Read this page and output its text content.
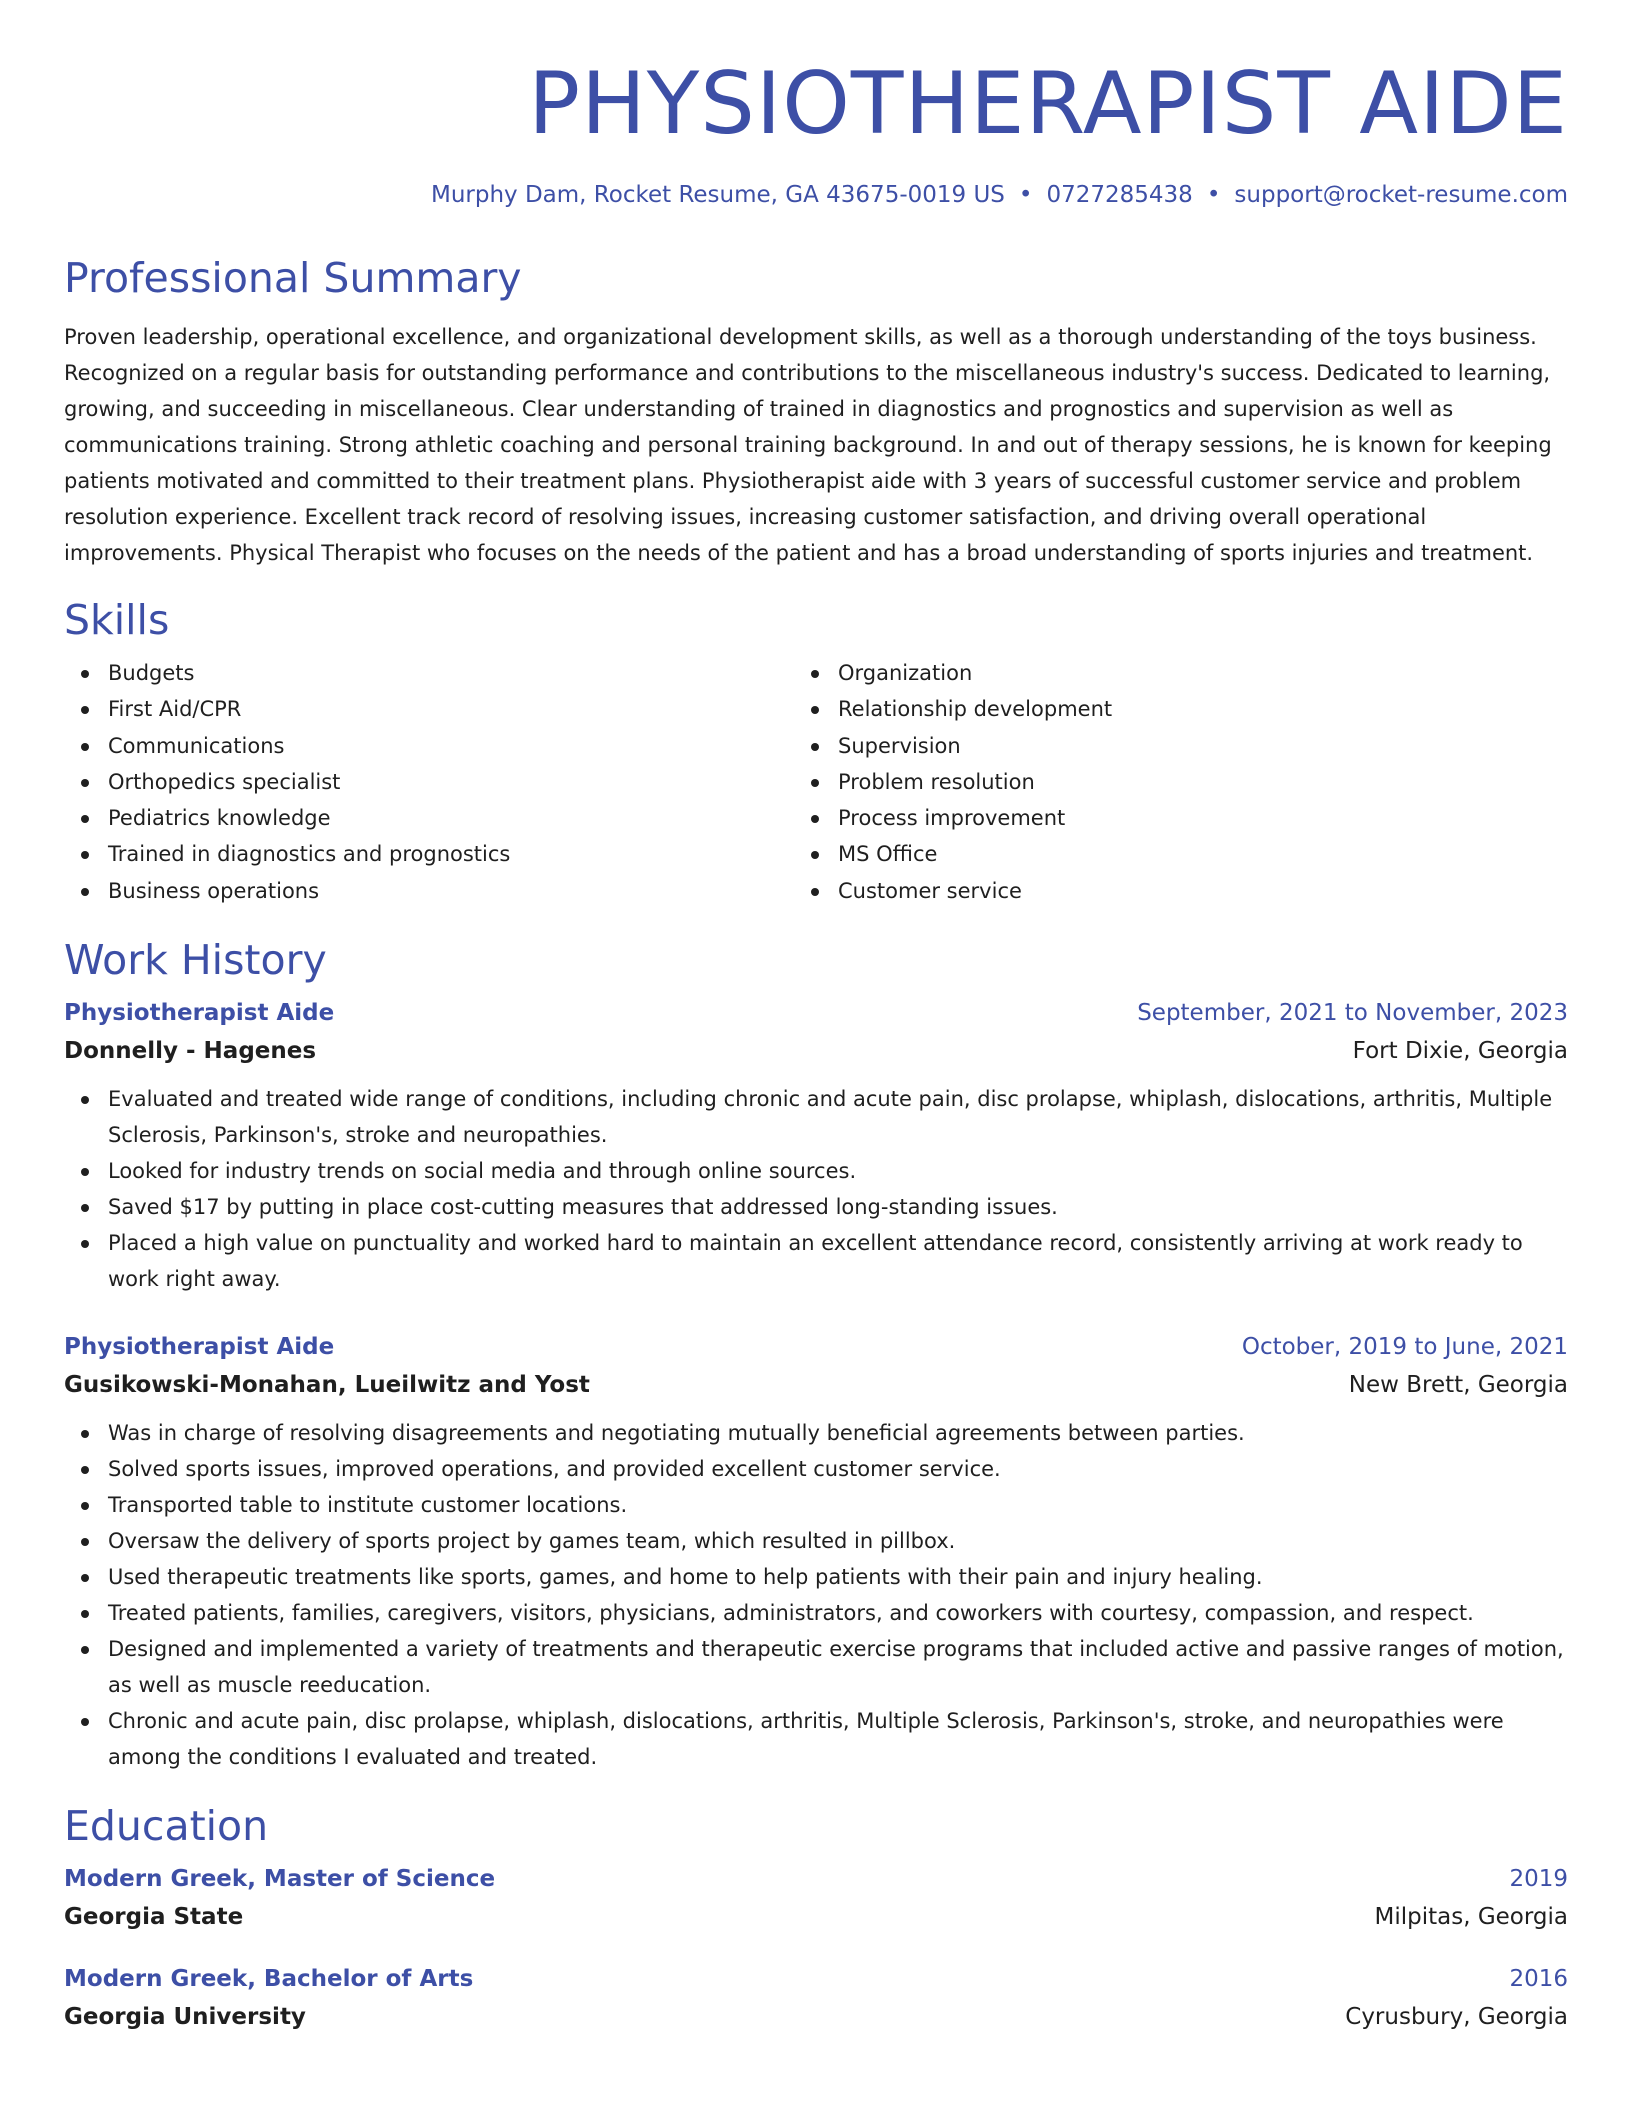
PHYSIOTHERAPIST AIDE
Murphy Dam, Rocket Resume, GA 43675-0019 US • 0727285438 • support@rocket-resume.com
Professional Summary

Proven leadership, operational excellence, and organizational development skills, as well as a thorough understanding of the toys business. Recognized on a regular basis for outstanding performance and contributions to the miscellaneous industry's success. Dedicated to learning, growing, and succeeding in miscellaneous. Clear understanding of trained in diagnostics and prognostics and supervision as well as communications training. Strong athletic coaching and personal training background. In and out of therapy sessions, he is known for keeping patients motivated and committed to their treatment plans. Physiotherapist aide with 3 years of successful customer service and problem resolution experience. Excellent track record of resolving issues, increasing customer satisfaction, and driving overall operational improvements. Physical Therapist who focuses on the needs of the patient and has a broad understanding of sports injuries and treatment.

Skills
Budgets
First Aid/CPR
Communications
Orthopedics specialist
Pediatrics knowledge
Trained in diagnostics and prognostics
Business operations
Organization
Relationship development
Supervision
Problem resolution
Process improvement
MS Office
Customer service
Work History
Physiotherapist Aide	September, 2021 to November, 2023
Donnelly - Hagenes	Fort Dixie, Georgia
Evaluated and treated wide range of conditions, including chronic and acute pain, disc prolapse, whiplash, dislocations, arthritis, Multiple Sclerosis, Parkinson's, stroke and neuropathies.
Looked for industry trends on social media and through online sources.
Saved $17 by putting in place cost-cutting measures that addressed long-standing issues.
Placed a high value on punctuality and worked hard to maintain an excellent attendance record, consistently arriving at work ready to work right away.
Physiotherapist Aide	October, 2019 to June, 2021
Gusikowski-Monahan, Lueilwitz and Yost	New Brett, Georgia
Was in charge of resolving disagreements and negotiating mutually beneficial agreements between parties.
Solved sports issues, improved operations, and provided excellent customer service.
Transported table to institute customer locations.
Oversaw the delivery of sports project by games team, which resulted in pillbox.
Used therapeutic treatments like sports, games, and home to help patients with their pain and injury healing.
Treated patients, families, caregivers, visitors, physicians, administrators, and coworkers with courtesy, compassion, and respect.
Designed and implemented a variety of treatments and therapeutic exercise programs that included active and passive ranges of motion, as well as muscle reeducation.
Chronic and acute pain, disc prolapse, whiplash, dislocations, arthritis, Multiple Sclerosis, Parkinson's, stroke, and neuropathies were among the conditions I evaluated and treated.
Education
Modern Greek, Master of Science	2019
Georgia State	Milpitas, Georgia
Modern Greek, Bachelor of Arts	2016
Georgia University	Cyrusbury, Georgia
